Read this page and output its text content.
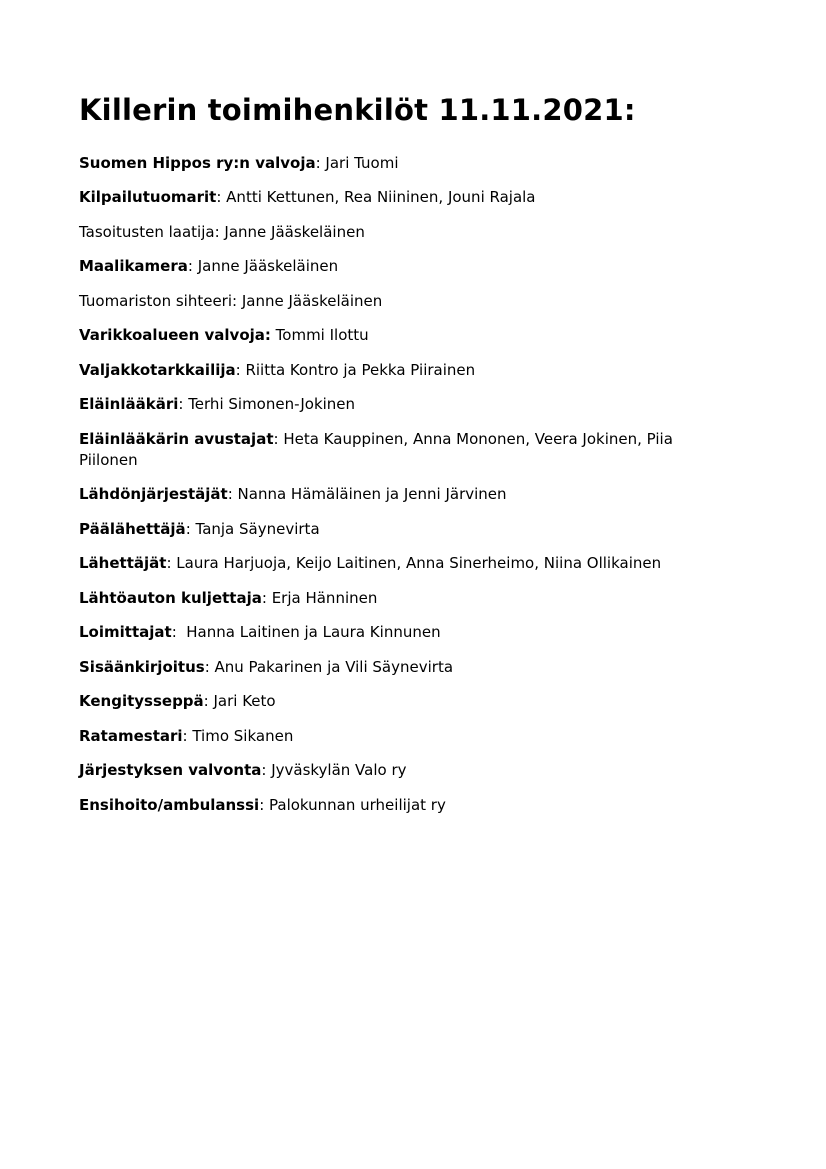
Killerin toimihenkilöt 11.11.2021:

Suomen Hippos ry:n valvoja: Jari Tuomi

Kilpailutuomarit: Antti Kettunen, Rea Niininen, Jouni Rajala

Tasoitusten laatija: Janne Jääskeläinen

Maalikamera: Janne Jääskeläinen

Tuomariston sihteeri: Janne Jääskeläinen

Varikkoalueen valvoja: Tommi Ilottu

Valjakkotarkkailija: Riitta Kontro ja Pekka Piirainen

Eläinlääkäri: Terhi Simonen-Jokinen

Eläinlääkärin avustajat: Heta Kauppinen, Anna Mononen, Veera Jokinen, Piia
Piilonen

Lähdönjärjestäjät: Nanna Hämäläinen ja Jenni Järvinen

Päälähettäjä: Tanja Säynevirta

Lähettäjät: Laura Harjuoja, Keijo Laitinen, Anna Sinerheimo, Niina Ollikainen

Lähtöauton kuljettaja: Erja Hänninen

Loimittajat:  Hanna Laitinen ja Laura Kinnunen

Sisäänkirjoitus: Anu Pakarinen ja Vili Säynevirta

Kengitysseppä: Jari Keto

Ratamestari: Timo Sikanen

Järjestyksen valvonta: Jyväskylän Valo ry

Ensihoito/ambulanssi: Palokunnan urheilijat ry
